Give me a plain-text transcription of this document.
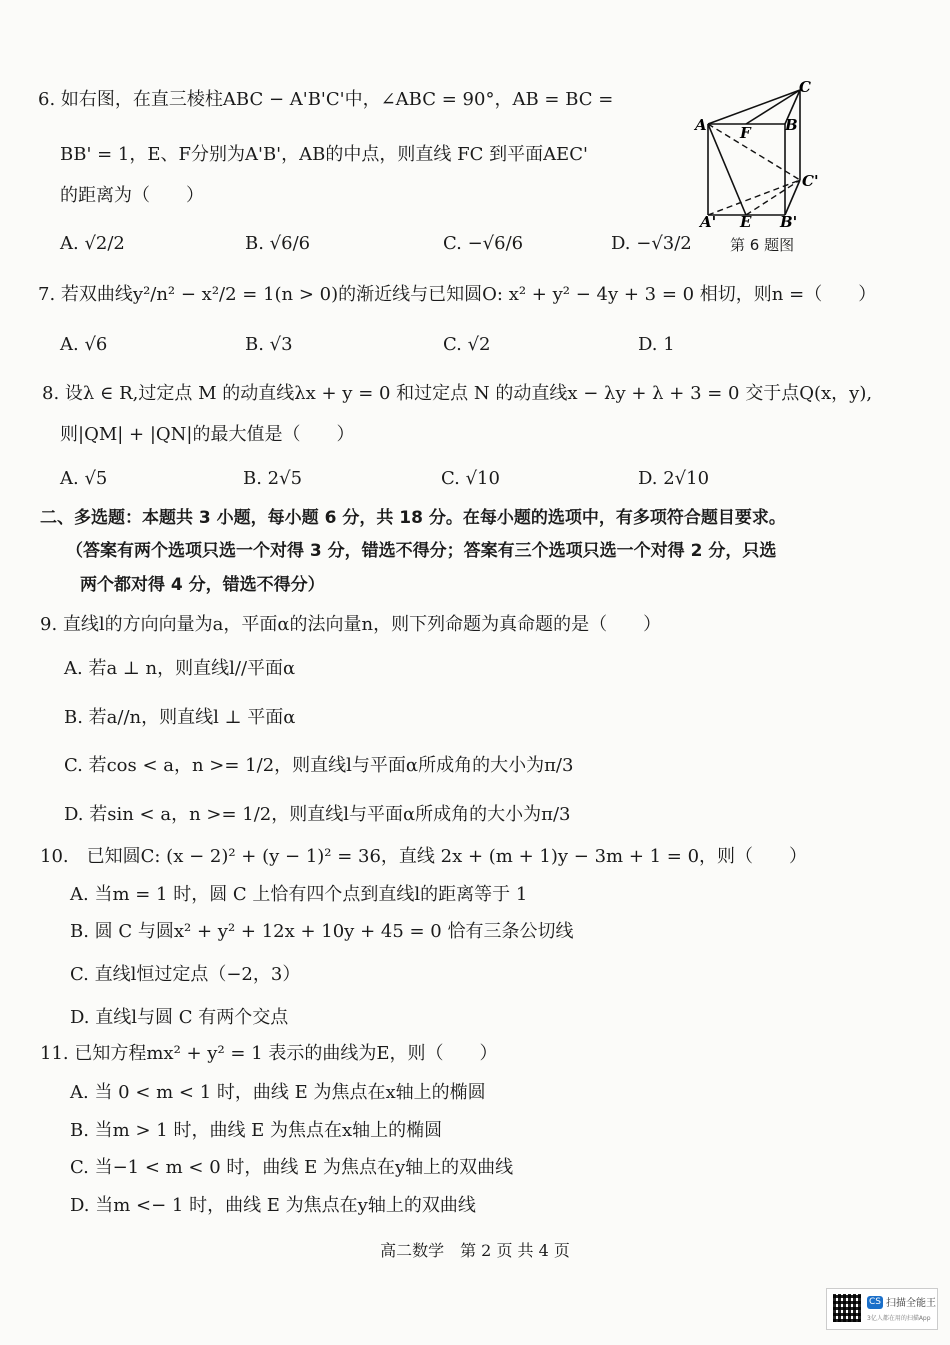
6. 如右图，在直三棱柱ABC − A'B'C'中，∠ABC = 90°，AB = BC =
BB' = 1，E、F分别为A'B'，AB的中点，则直线 FC 到平面AEC'
的距离为（　　）
A. √2/2	B. √6/6	C. −√6/6	D. −√3/2
C
A F B
C'
A' E B'
第 6 题图
7. 若双曲线y²/n² − x²/2 = 1(n > 0)的渐近线与已知圆O: x² + y² − 4y + 3 = 0 相切，则n =（　　）
A. √6	B. √3	C. √2	D. 1
8. 设λ ∈ R,过定点 M 的动直线λx + y = 0 和过定点 N 的动直线x − λy + λ + 3 = 0 交于点Q(x，y),
则|QM| + |QN|的最大值是（　　）
A. √5	B. 2√5	C. √10	D. 2√10
二、多选题：本题共 3 小题，每小题 6 分，共 18 分。在每小题的选项中，有多项符合题目要求。
（答案有两个选项只选一个对得 3 分，错选不得分；答案有三个选项只选一个对得 2 分，只选
两个都对得 4 分，错选不得分）
9. 直线l的方向向量为a，平面α的法向量n，则下列命题为真命题的是（　　）
A. 若a ⊥ n，则直线l//平面α
B. 若a//n，则直线l ⊥ 平面α
C. 若cos < a，n >= 1/2，则直线l与平面α所成角的大小为π/3
D. 若sin < a，n >= 1/2，则直线l与平面α所成角的大小为π/3
10.　已知圆C: (x − 2)² + (y − 1)² = 36，直线 2x + (m + 1)y − 3m + 1 = 0，则（　　）
A. 当m = 1 时，圆 C 上恰有四个点到直线l的距离等于 1
B. 圆 C 与圆x² + y² + 12x + 10y + 45 = 0 恰有三条公切线
C. 直线l恒过定点（−2，3）
D. 直线l与圆 C 有两个交点
11. 已知方程mx² + y² = 1 表示的曲线为E，则（　　）
A. 当 0 < m < 1 时，曲线 E 为焦点在x轴上的椭圆
B. 当m > 1 时，曲线 E 为焦点在x轴上的椭圆
C. 当−1 < m < 0 时，曲线 E 为焦点在y轴上的双曲线
D. 当m <− 1 时，曲线 E 为焦点在y轴上的双曲线
高二数学　第 2 页 共 4 页
CS 扫描全能王
3亿人都在用的扫描App
